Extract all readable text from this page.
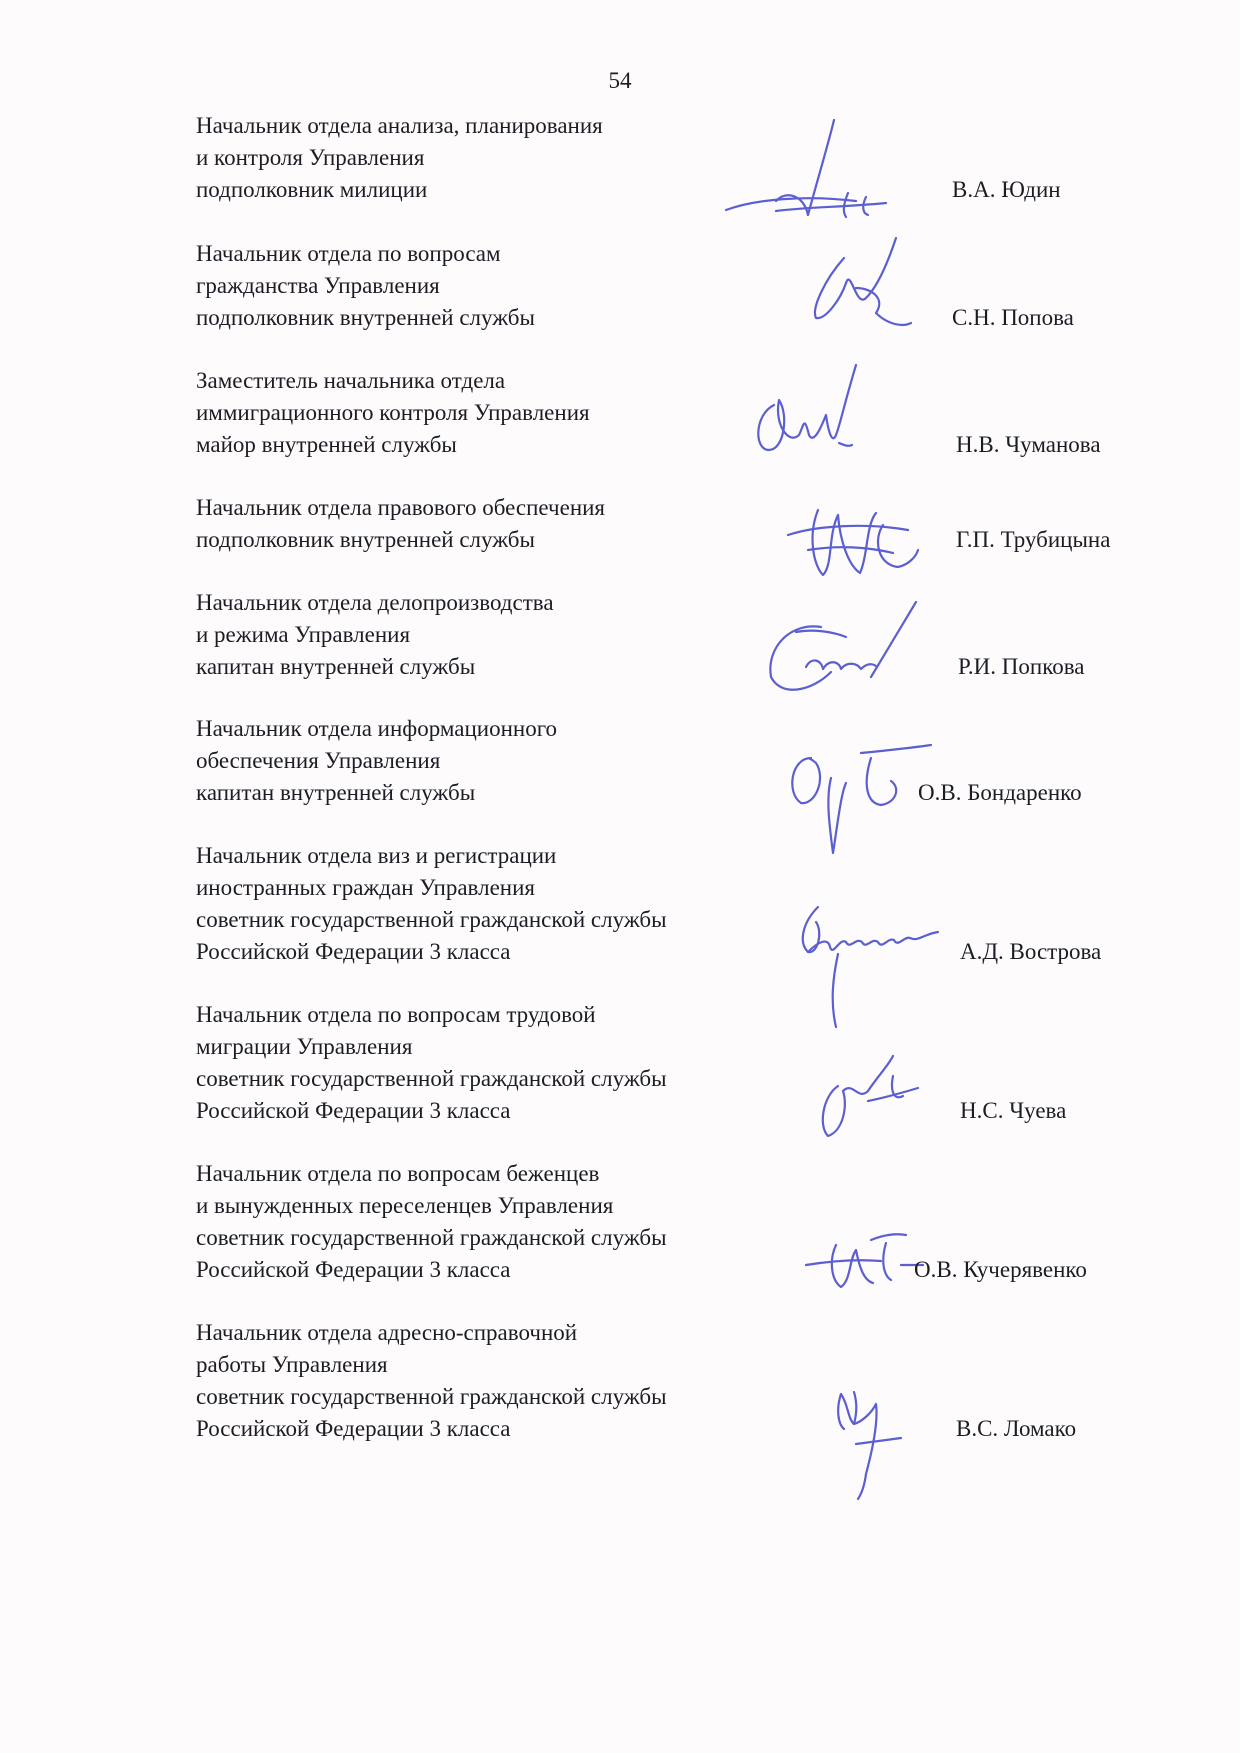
54
Начальник отдела анализа, планирования
и контроля Управления
подполковник милиции	В.А. Юдин
Начальник отдела по вопросам
гражданства Управления
подполковник внутренней службы	С.Н. Попова
Заместитель начальника отдела
иммиграционного контроля Управления
майор внутренней службы	Н.В. Чуманова
Начальник отдела правового обеспечения
подполковник внутренней службы	Г.П. Трубицына
Начальник отдела делопроизводства
и режима Управления
капитан внутренней службы	Р.И. Попкова
Начальник отдела информационного
обеспечения Управления
капитан внутренней службы	О.В. Бондаренко
Начальник отдела виз и регистрации
иностранных граждан Управления
советник государственной гражданской службы
Российской Федерации 3 класса	А.Д. Вострова
Начальник отдела по вопросам трудовой
миграции Управления
советник государственной гражданской службы
Российской Федерации 3 класса	Н.С. Чуева
Начальник отдела по вопросам беженцев
и вынужденных переселенцев Управления
советник государственной гражданской службы
Российской Федерации 3 класса	О.В. Кучерявенко
Начальник отдела адресно-справочной
работы Управления
советник государственной гражданской службы
Российской Федерации 3 класса	В.С. Ломако
